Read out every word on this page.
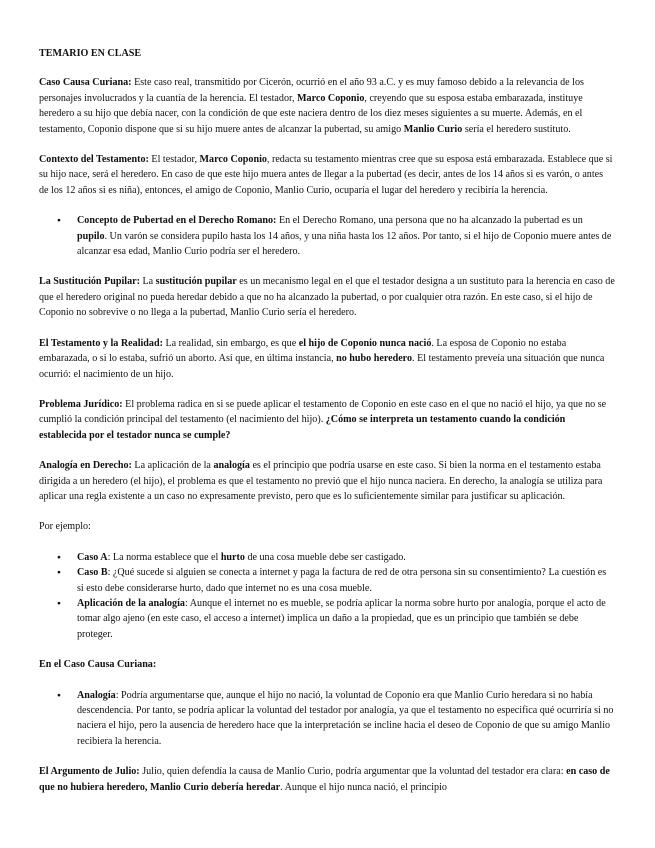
TEMARIO EN CLASE

Caso Causa Curiana: Este caso real, transmitido por Cicerón, ocurrió en el año 93 a.C. y es muy famoso debido a la relevancia de los personajes involucrados y la cuantía de la herencia. El testador, Marco Coponio, creyendo que su esposa estaba embarazada, instituye heredero a su hijo que debía nacer, con la condición de que este naciera dentro de los diez meses siguientes a su muerte. Además, en el testamento, Coponio dispone que si su hijo muere antes de alcanzar la pubertad, su amigo Manlio Curio sería el heredero sustituto.

Contexto del Testamento: El testador, Marco Coponio, redacta su testamento mientras cree que su esposa está embarazada. Establece que si su hijo nace, será el heredero. En caso de que este hijo muera antes de llegar a la pubertad (es decir, antes de los 14 años si es varón, o antes de los 12 años si es niña), entonces, el amigo de Coponio, Manlio Curio, ocuparía el lugar del heredero y recibiría la herencia.

● Concepto de Pubertad en el Derecho Romano: En el Derecho Romano, una persona que no ha alcanzado la pubertad es un pupilo. Un varón se considera pupilo hasta los 14 años, y una niña hasta los 12 años. Por tanto, si el hijo de Coponio muere antes de alcanzar esa edad, Manlio Curio podría ser el heredero.

La Sustitución Pupilar: La sustitución pupilar es un mecanismo legal en el que el testador designa a un sustituto para la herencia en caso de que el heredero original no pueda heredar debido a que no ha alcanzado la pubertad, o por cualquier otra razón. En este caso, si el hijo de Coponio no sobrevive o no llega a la pubertad, Manlio Curio sería el heredero.

El Testamento y la Realidad: La realidad, sin embargo, es que el hijo de Coponio nunca nació. La esposa de Coponio no estaba embarazada, o si lo estaba, sufrió un aborto. Así que, en última instancia, no hubo heredero. El testamento preveía una situación que nunca ocurrió: el nacimiento de un hijo.

Problema Jurídico: El problema radica en si se puede aplicar el testamento de Coponio en este caso en el que no nació el hijo, ya que no se cumplió la condición principal del testamento (el nacimiento del hijo). ¿Cómo se interpreta un testamento cuando la condición establecida por el testador nunca se cumple?

Analogía en Derecho: La aplicación de la analogía es el principio que podría usarse en este caso. Si bien la norma en el testamento estaba dirigida a un heredero (el hijo), el problema es que el testamento no previó que el hijo nunca naciera. En derecho, la analogía se utiliza para aplicar una regla existente a un caso no expresamente previsto, pero que es lo suficientemente similar para justificar su aplicación.

Por ejemplo:

● Caso A: La norma establece que el hurto de una cosa mueble debe ser castigado.
● Caso B: ¿Qué sucede si alguien se conecta a internet y paga la factura de red de otra persona sin su consentimiento? La cuestión es si esto debe considerarse hurto, dado que internet no es una cosa mueble.
● Aplicación de la analogía: Aunque el internet no es mueble, se podría aplicar la norma sobre hurto por analogía, porque el acto de tomar algo ajeno (en este caso, el acceso a internet) implica un daño a la propiedad, que es un principio que también se debe proteger.

En el Caso Causa Curiana:

● Analogía: Podría argumentarse que, aunque el hijo no nació, la voluntad de Coponio era que Manlio Curio heredara si no había descendencia. Por tanto, se podría aplicar la voluntad del testador por analogía, ya que el testamento no especifica qué ocurriría si no naciera el hijo, pero la ausencia de heredero hace que la interpretación se incline hacia el deseo de Coponio de que su amigo Manlio recibiera la herencia.

El Argumento de Julio: Julio, quien defendía la causa de Manlio Curio, podría argumentar que la voluntad del testador era clara: en caso de que no hubiera heredero, Manlio Curio debería heredar. Aunque el hijo nunca nació, el principio
